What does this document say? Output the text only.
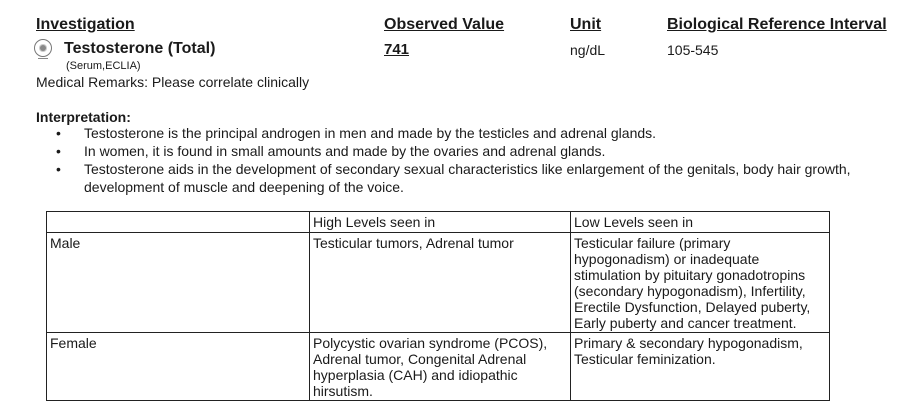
Investigation	Observed Value	Unit	Biological Reference Interval
Testosterone (Total)	741	ng/dL	105-545
(Serum,ECLIA)
Medical Remarks: Please correlate clinically
Interpretation:
• Testosterone is the principal androgen in men and made by the testicles and adrenal glands.
• In women, it is found in small amounts and made by the ovaries and adrenal glands.
• Testosterone aids in the development of secondary sexual characteristics like enlargement of the genitals, body hair growth, development of muscle and deepening of the voice.
	High Levels seen in	Low Levels seen in
Male	Testicular tumors, Adrenal tumor	Testicular failure (primary hypogonadism) or inadequate stimulation by pituitary gonadotropins (secondary hypogonadism), Infertility, Erectile Dysfunction, Delayed puberty, Early puberty and cancer treatment.
Female	Polycystic ovarian syndrome (PCOS), Adrenal tumor, Congenital Adrenal hyperplasia (CAH) and idiopathic hirsutism.	Primary & secondary hypogonadism, Testicular feminization.
